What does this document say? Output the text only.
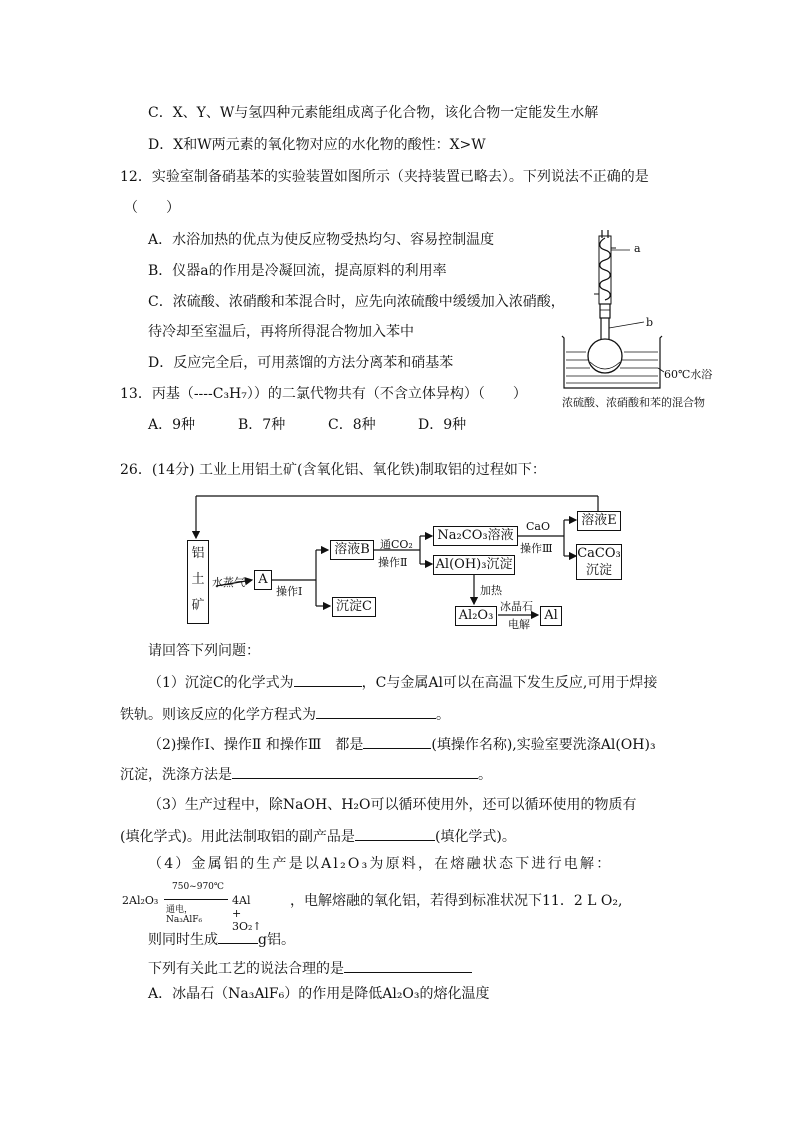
C．X、Y、W与氢四种元素能组成离子化合物，该化合物一定能发生水解
D．X和W两元素的氧化物对应的水化物的酸性：X>W
12．实验室制备硝基苯的实验装置如图所示（夹持装置已略去）。下列说法不正确的是
（　　）
A．水浴加热的优点为使反应物受热均匀、容易控制温度
B．仪器a的作用是冷凝回流，提高原料的利用率
C．浓硫酸、浓硝酸和苯混合时，应先向浓硫酸中缓缓加入浓硝酸，
待冷却至室温后，再将所得混合物加入苯中
D．反应完全后，可用蒸馏的方法分离苯和硝基苯
a
b
60℃水浴
浓硫酸、浓硝酸和苯的混合物
13．丙基（----C₃H₇））的二氯代物共有（不含立体异构）（　　）
A．9种	B．7种	C．8种	D．9种
26．(14分) 工业上用铝土矿(含氧化铝、氧化铁)制取铝的过程如下：
铝
土
矿
水蒸气	A
操作Ⅰ
溶液B
沉淀C
通CO₂
操作Ⅱ
Na₂CO₃溶液
Al(OH)₃沉淀
CaO
操作Ⅲ
溶液E
CaCO₃
沉淀
加热
Al₂O₃
冰晶石
电解
Al
请回答下列问题：
（1）沉淀C的化学式为	，C与金属Al可以在高温下发生反应,可用于焊接
铁轨。则该反应的化学方程式为	。
（2)操作Ⅰ、操作Ⅱ 和操作Ⅲ　都是	(填操作名称),实验室要洗涤Al(OH)₃
沉淀，洗涤方法是	。
（3）生产过程中，除NaOH、H₂O可以循环使用外，还可以循环使用的物质有
(填化学式)。用此法制取铝的副产品是	(填化学式)。
（4）金属铝的生产是以Al₂O₃为原料，在熔融状态下进行电解：
2Al₂O₃
750~970℃
通电，Na₃AlF₆
4Al + 3O₂↑
，电解熔融的氧化铝，若得到标准状况下11．2 L O₂,
则同时生成	g铝。
下列有关此工艺的说法合理的是
A．冰晶石（Na₃AlF₆）的作用是降低Al₂O₃的熔化温度
